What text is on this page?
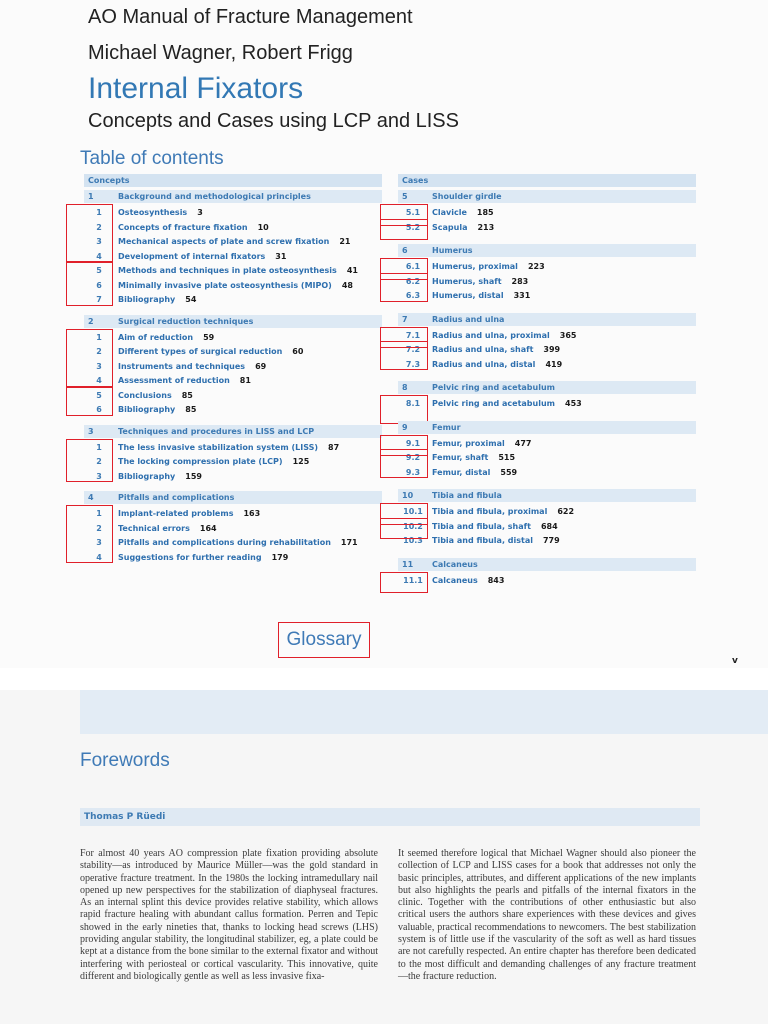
AO Manual of Fracture Management
Michael Wagner, Robert Frigg
Internal Fixators
Concepts and Cases using LCP and LISS
Table of contents
Concepts	Cases
Glossary
v
1	Background and methodological principles
1	Osteosynthesis 3
2	Concepts of fracture fixation 10
3	Mechanical aspects of plate and screw fixation 21
4	Development of internal fixators 31
5	Methods and techniques in plate osteosynthesis 41
6	Minimally invasive plate osteosynthesis (MIPO) 48
7	Bibliography 54
2	Surgical reduction techniques
1	Aim of reduction 59
2	Different types of surgical reduction 60
3	Instruments and techniques 69
4	Assessment of reduction 81
5	Conclusions 85
6	Bibliography 85
3	Techniques and procedures in LISS and LCP
1	The less invasive stabilization system (LISS) 87
2	The locking compression plate (LCP) 125
3	Bibliography 159
4	Pitfalls and complications
1	Implant-related problems 163
2	Technical errors 164
3	Pitfalls and complications during rehabilitation 171
4	Suggestions for further reading 179
5	Shoulder girdle
5.1	Clavicle 185
5.2	Scapula 213
6	Humerus
6.1	Humerus, proximal 223
6.2	Humerus, shaft 283
6.3	Humerus, distal 331
7	Radius and ulna
7.1	Radius and ulna, proximal 365
7.2	Radius and ulna, shaft 399
7.3	Radius and ulna, distal 419
8	Pelvic ring and acetabulum
8.1	Pelvic ring and acetabulum 453
9	Femur
9.1	Femur, proximal 477
9.2	Femur, shaft 515
9.3	Femur, distal 559
10 Tibia and fibula
10.1	Tibia and fibula, proximal 622
10.2	Tibia and fibula, shaft 684
10.3	Tibia and fibula, distal 779
11 Calcaneus
11.1	Calcaneus 843
Forewords
Thomas P Rüedi
For almost 40 years AO compression plate fixation providing absolute stability—as introduced by Maurice Müller—was the gold standard in operative fracture treatment. In the 1980s the locking intramedullary nail opened up new perspectives for the stabilization of diaphyseal fractures. As an internal splint this device provides relative stability, which allows rapid fracture healing with abundant callus formation. Perren and Tepic showed in the early nineties that, thanks to locking head screws (LHS) providing angular stability, the longitudinal stabilizer, eg, a plate could be kept at a distance from the bone similar to the external fixator and without interfering with periosteal or cortical vascularity. This innovative, quite different and biologically gentle as well as less invasive fixa-
It seemed therefore logical that Michael Wagner should also pioneer the collection of LCP and LISS cases for a book that addresses not only the basic principles, attributes, and different applications of the new implants but also highlights the pearls and pitfalls of the internal fixators in the clinic. Together with the contributions of other enthusiastic but also critical users the authors share experiences with these devices and gives valuable, practical recommendations to newcomers. The best stabilization system is of little use if the vascularity of the soft as well as hard tissues are not carefully respected. An entire chapter has therefore been dedicated to the most difficult and demanding challenges of any fracture treatment—the fracture reduction.
